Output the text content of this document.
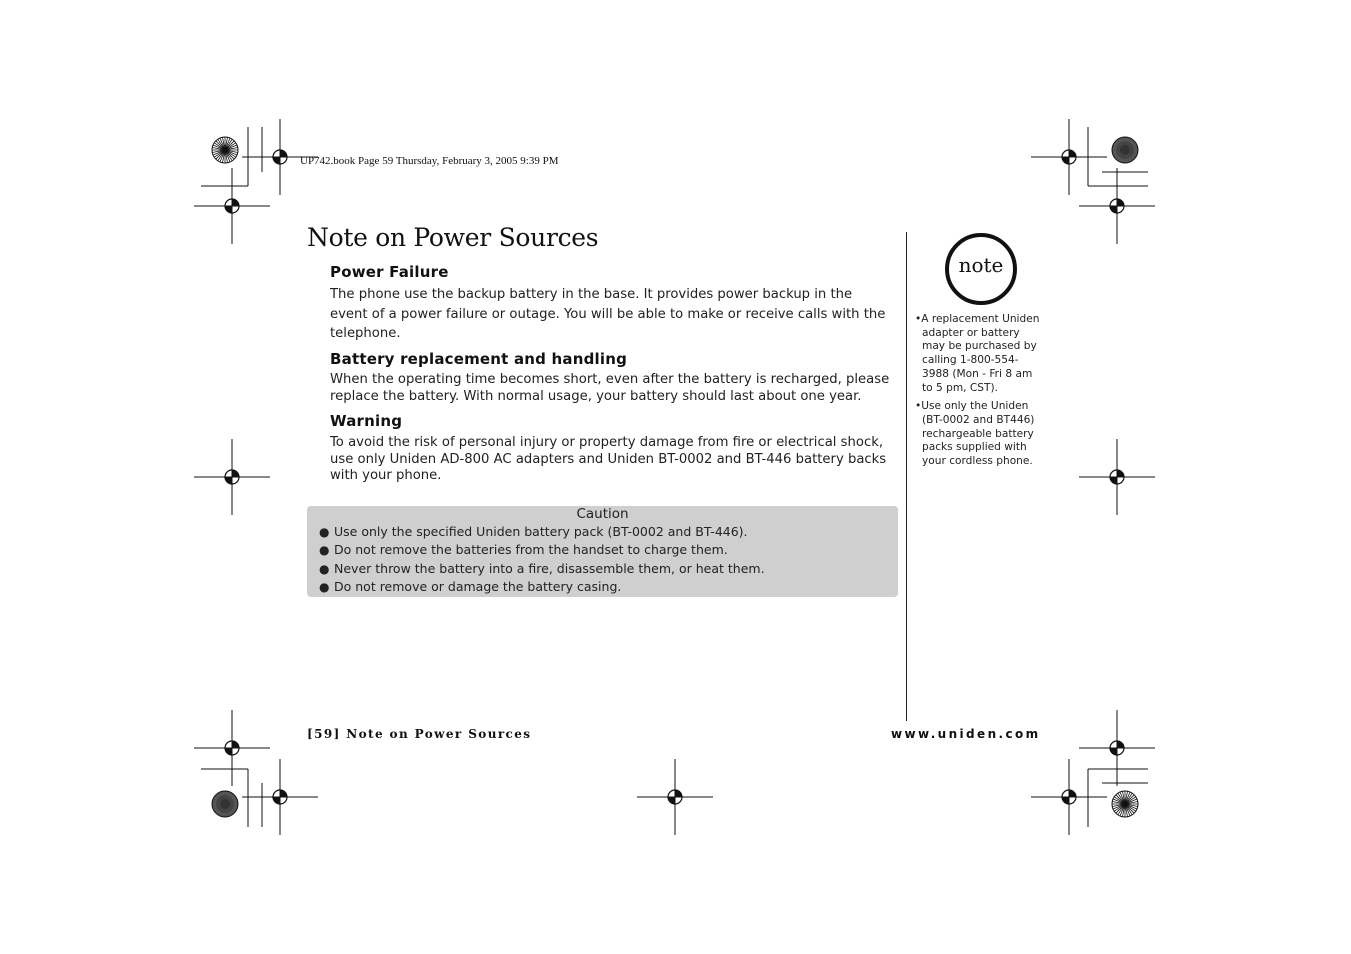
UP742.book Page 59 Thursday, February 3, 2005 9:39 PM
Note on Power Sources
Power Failure

The phone use the backup battery in the base. It provides power backup in the
event of a power failure or outage. You will be able to make or receive calls with the
telephone.

Battery replacement and handling

When the operating time becomes short, even after the battery is recharged, please
replace the battery. With normal usage, your battery should last about one year.

Warning

To avoid the risk of personal injury or property damage from fire or electrical shock,
use only Uniden AD-800 AC adapters and Uniden BT-0002 and BT-446 battery backs
with your phone.

Caution
● Use only the specified Uniden battery pack (BT-0002 and BT-446).
● Do not remove the batteries from the handset to charge them.
● Never throw the battery into a fire, disassemble them, or heat them.
● Do not remove or damage the battery casing.
note
•A replacement Uniden adapter or battery may be purchased by calling 1-800-554-3988 (Mon - Fri 8 am to 5 pm, CST).
•Use only the Uniden (BT-0002 and BT446) rechargeable battery packs supplied with your cordless phone.
[59] Note on Power Sources	www.uniden.com
